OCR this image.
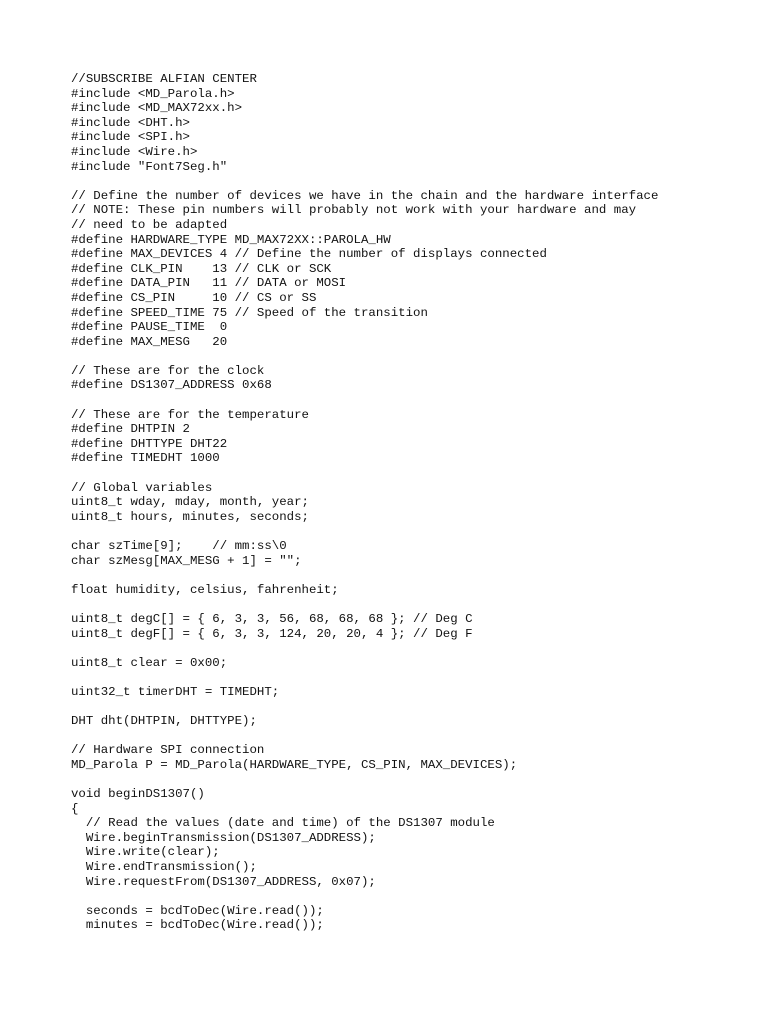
//SUBSCRIBE ALFIAN CENTER
#include <MD_Parola.h>
#include <MD_MAX72xx.h>
#include <DHT.h>
#include <SPI.h>
#include <Wire.h>
#include "Font7Seg.h"

// Define the number of devices we have in the chain and the hardware interface
// NOTE: These pin numbers will probably not work with your hardware and may
// need to be adapted
#define HARDWARE_TYPE MD_MAX72XX::PAROLA_HW
#define MAX_DEVICES 4 // Define the number of displays connected
#define CLK_PIN    13 // CLK or SCK
#define DATA_PIN   11 // DATA or MOSI
#define CS_PIN     10 // CS or SS
#define SPEED_TIME 75 // Speed of the transition
#define PAUSE_TIME  0
#define MAX_MESG   20

// These are for the clock
#define DS1307_ADDRESS 0x68

// These are for the temperature
#define DHTPIN 2
#define DHTTYPE DHT22
#define TIMEDHT 1000

// Global variables
uint8_t wday, mday, month, year;
uint8_t hours, minutes, seconds;

char szTime[9];    // mm:ss\0
char szMesg[MAX_MESG + 1] = "";

float humidity, celsius, fahrenheit;

uint8_t degC[] = { 6, 3, 3, 56, 68, 68, 68 }; // Deg C
uint8_t degF[] = { 6, 3, 3, 124, 20, 20, 4 }; // Deg F

uint8_t clear = 0x00;

uint32_t timerDHT = TIMEDHT;

DHT dht(DHTPIN, DHTTYPE);

// Hardware SPI connection
MD_Parola P = MD_Parola(HARDWARE_TYPE, CS_PIN, MAX_DEVICES);

void beginDS1307()
{
// Read the values (date and time) of the DS1307 module
Wire.beginTransmission(DS1307_ADDRESS);
Wire.write(clear);
Wire.endTransmission();
Wire.requestFrom(DS1307_ADDRESS, 0x07);

seconds = bcdToDec(Wire.read());
minutes = bcdToDec(Wire.read());
